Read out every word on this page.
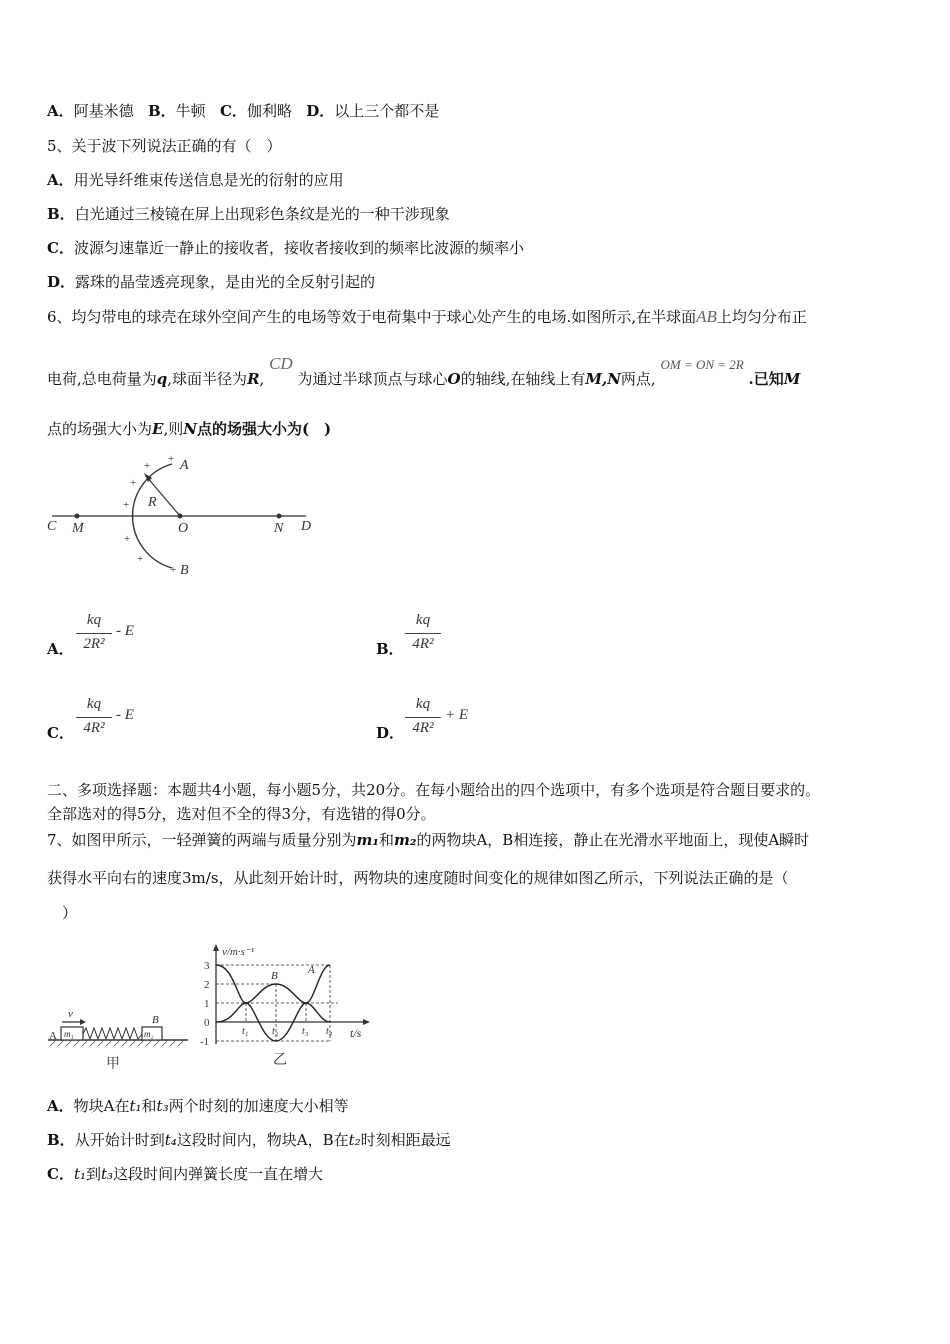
A．阿基米德 B．牛顿 C．伽利略 D．以上三个都不是
5、关于波下列说法正确的有（　）
A．用光导纤维束传送信息是光的衍射的应用
B．白光通过三棱镜在屏上出现彩色条纹是光的一种干涉现象
C．波源匀速靠近一静止的接收者，接收者接收到的频率比波源的频率小
D．露珠的晶莹透亮现象，是由光的全反射引起的
6、均匀带电的球壳在球外空间产生的电场等效于电荷集中于球心处产生的电场.如图所示,在半球面AB上均匀分布正
电荷,总电荷量为q,球面半径为R, CD 为通过半球顶点与球心O的轴线,在轴线上有M,N两点, OM = ON = 2R .已知M
点的场强大小为E,则N点的场强大小为(　)
A
B
R
C M	O	N D
+
+
+
+
+
+
+
A．
kq
2R²
- E
B．
kq
4R²
C．
kq
4R²
- E
D．
kq
4R²
+ E
二、多项选择题：本题共4小题，每小题5分，共20分。在每小题给出的四个选项中，有多个选项是符合题目要求的。
全部选对的得5分，选对但不全的得3分，有选错的得0分。
7、如图甲所示，一轻弹簧的两端与质量分别为m₁和m₂的两物块A，B相连接，静止在光滑水平地面上，现使A瞬时
获得水平向右的速度3m/s，从此刻开始计时，两物块的速度随时间变化的规律如图乙所示，下列说法正确的是（
）
v
A
B
m₁	m₂
甲
v/m·s⁻¹
t/s
3
2
1
0
-1
t₁ t₂ t₃ t₄
A
B
乙
A．物块A在t₁和t₃两个时刻的加速度大小相等
B．从开始计时到t₄这段时间内，物块A，B在t₂时刻相距最远
C．t₁到t₃这段时间内弹簧长度一直在增大
